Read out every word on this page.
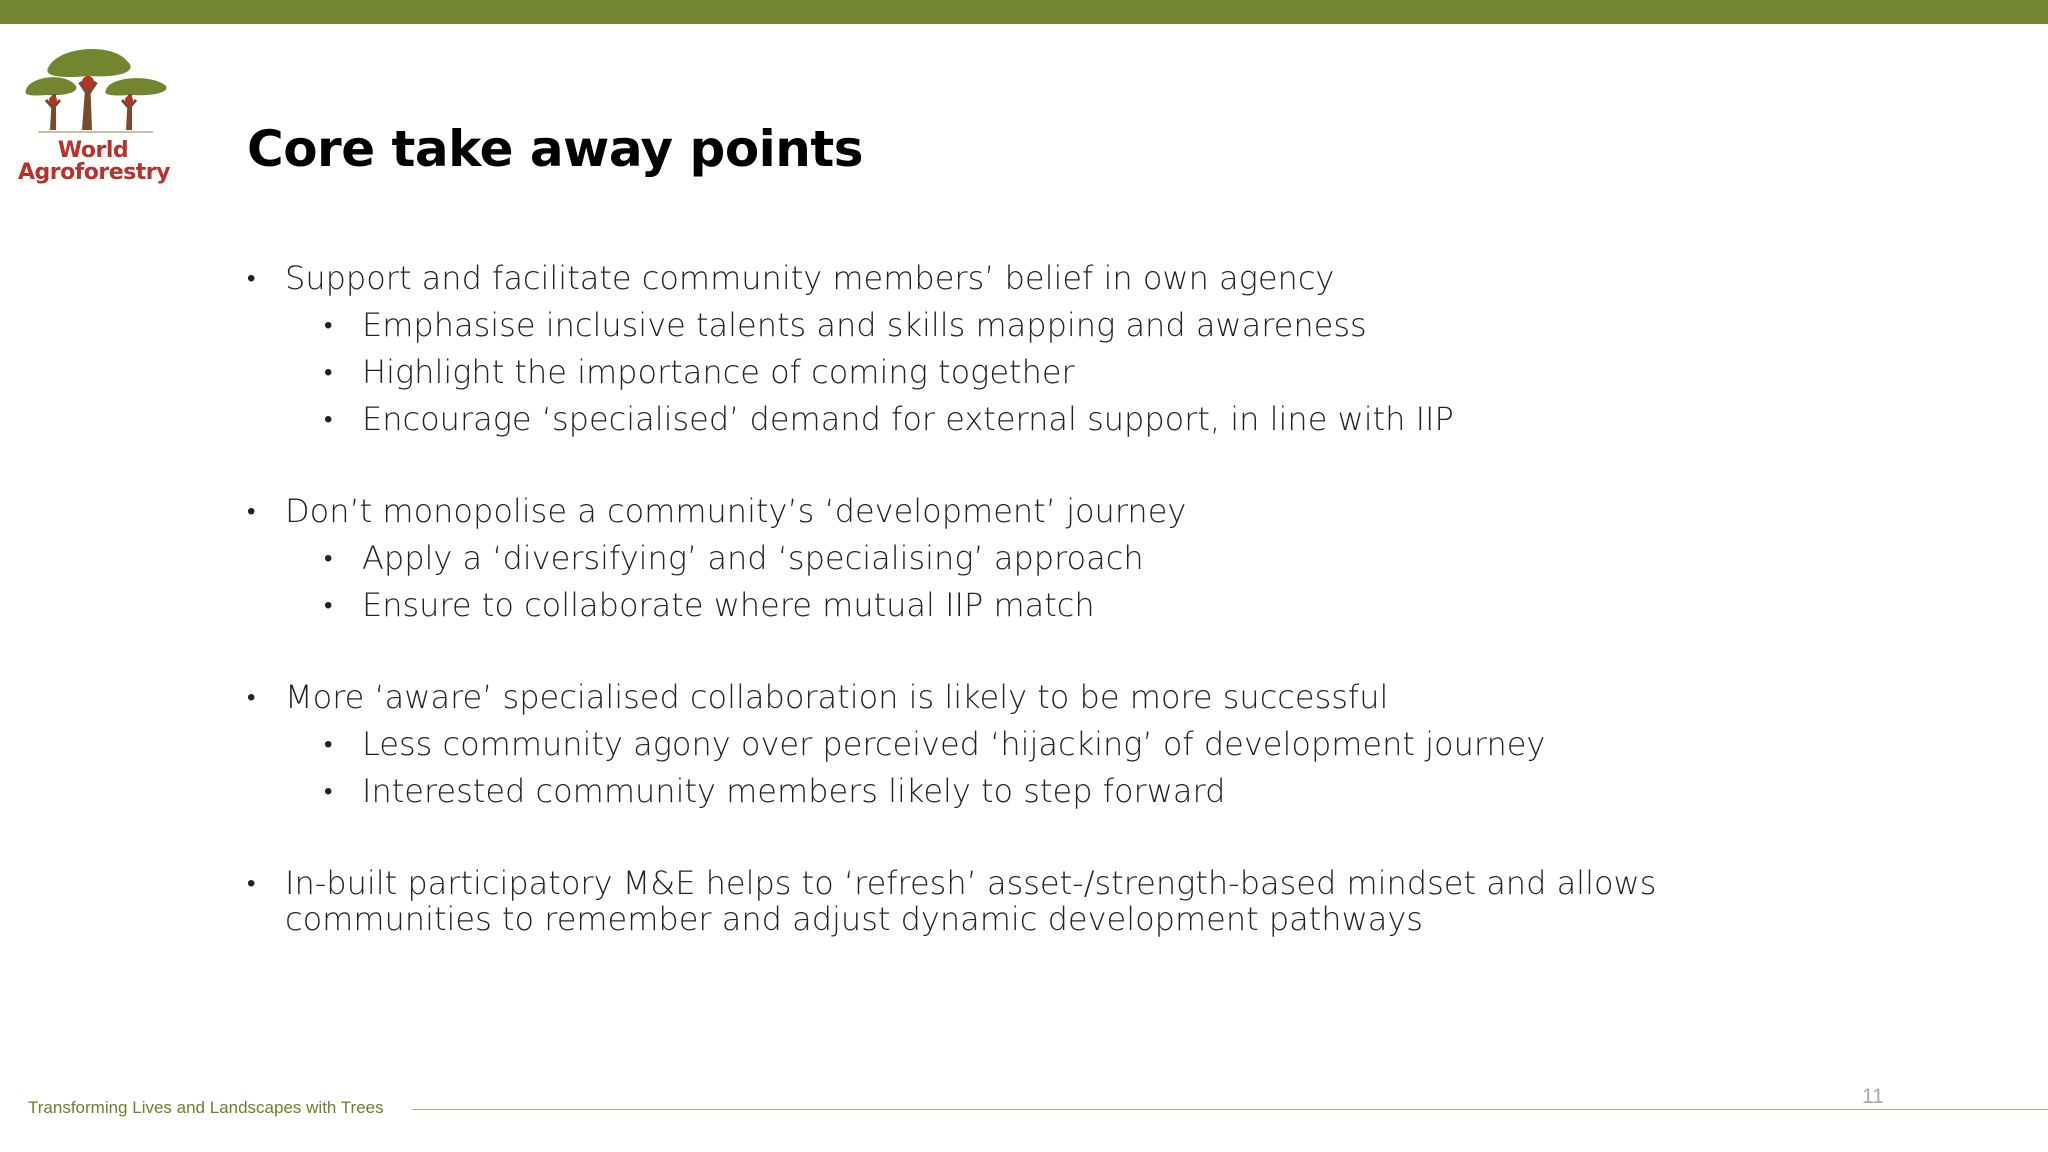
World
Agroforestry Core take away points
• Support and facilitate community members’ belief in own agency
• Emphasise inclusive talents and skills mapping and awareness
• Highlight the importance of coming together
• Encourage ‘specialised’ demand for external support, in line with IIP
• Don’t monopolise a community’s ‘development’ journey
• Apply a ‘diversifying’ and ‘specialising’ approach
• Ensure to collaborate where mutual IIP match
• More ‘aware’ specialised collaboration is likely to be more successful
• Less community agony over perceived ‘hijacking’ of development journey
• Interested community members likely to step forward
• In-built participatory M&E helps to ‘refresh’ asset-/strength-based mindset and allows communities to remember and adjust dynamic development pathways
Transforming Lives and Landscapes with Trees	11
